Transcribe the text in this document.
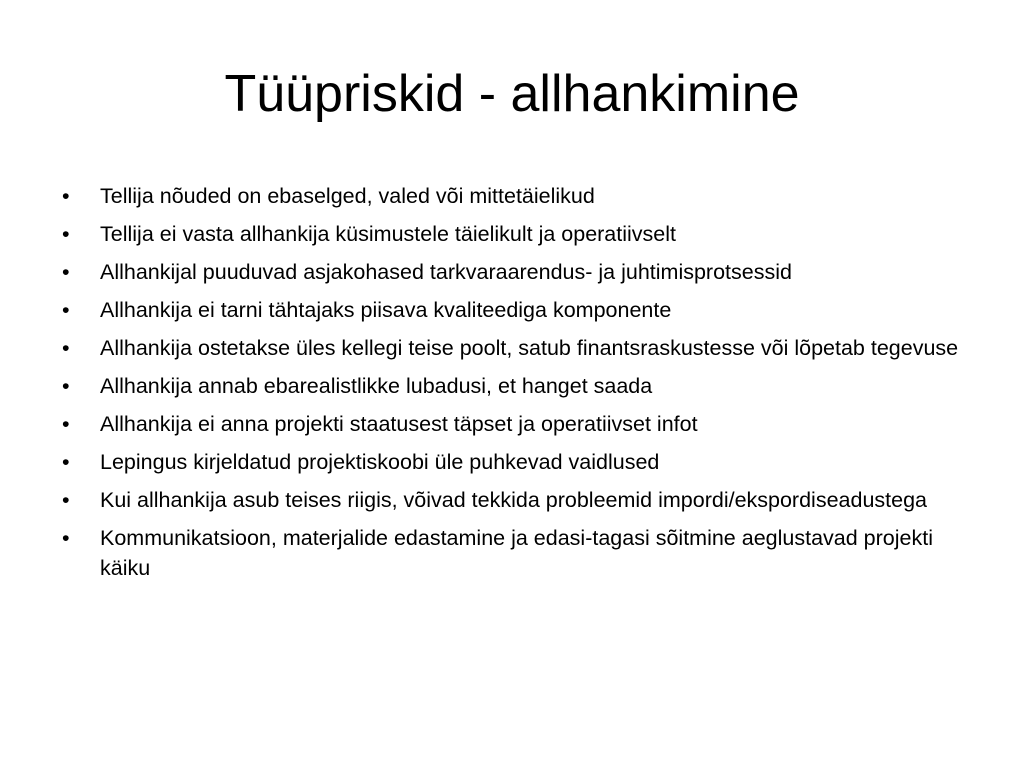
Tüüpriskid - allhankimine
•	Tellija nõuded on ebaselged, valed või mittetäielikud
•	Tellija ei vasta allhankija küsimustele täielikult ja operatiivselt
•	Allhankijal puuduvad asjakohased tarkvaraarendus- ja juhtimisprotsessid
•	Allhankija ei tarni tähtajaks piisava kvaliteediga komponente
•	Allhankija ostetakse üles kellegi teise poolt, satub finantsraskustesse või lõpetab tegevuse
•	Allhankija annab ebarealistlikke lubadusi, et hanget saada
•	Allhankija ei anna projekti staatusest täpset ja operatiivset infot
•	Lepingus kirjeldatud projektiskoobi üle puhkevad vaidlused
•	Kui allhankija asub teises riigis, võivad tekkida probleemid impordi/ekspordiseadustega
•	Kommunikatsioon, materjalide edastamine ja edasi-tagasi sõitmine aeglustavad projekti käiku
